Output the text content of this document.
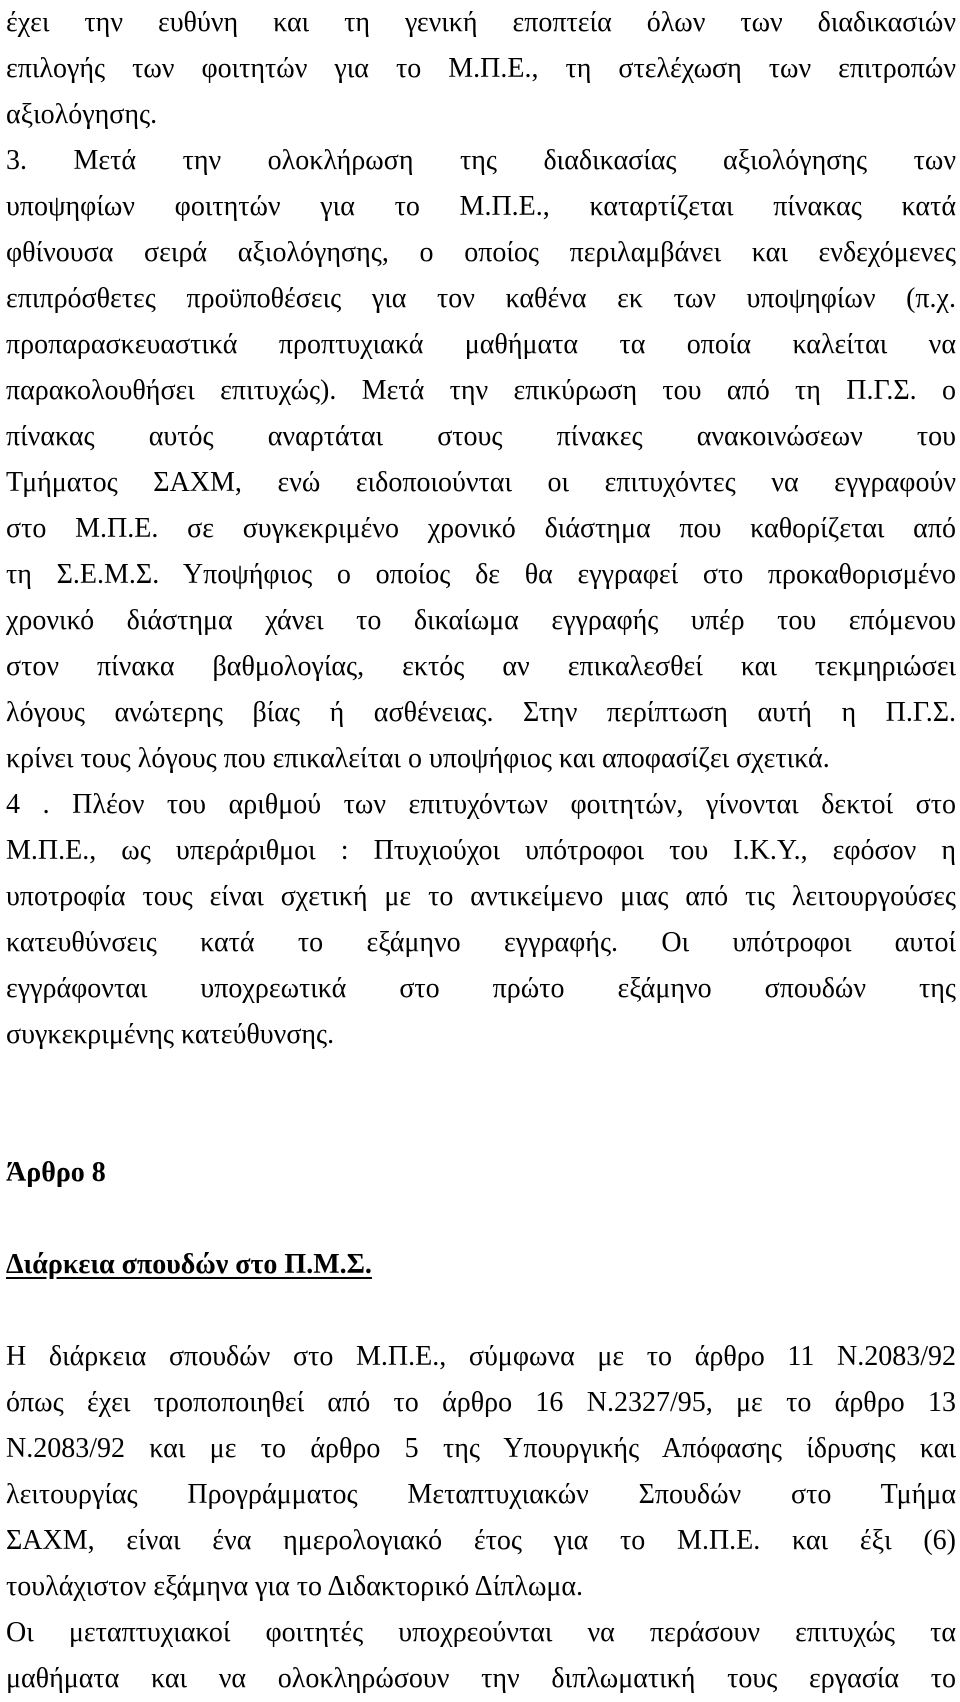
έχει την ευθύνη και τη γενική εποπτεία όλων των διαδικασιών
επιλογής των φοιτητών για το Μ.Π.Ε., τη στελέχωση των επιτροπών
αξιολόγησης.
3. Μετά την ολοκλήρωση της διαδικασίας αξιολόγησης των
υποψηφίων φοιτητών για το Μ.Π.Ε., καταρτίζεται πίνακας κατά
φθίνουσα σειρά αξιολόγησης, ο οποίος περιλαμβάνει και ενδεχόμενες
επιπρόσθετες προϋποθέσεις για τον καθένα εκ των υποψηφίων (π.χ.
προπαρασκευαστικά προπτυχιακά μαθήματα τα οποία καλείται να
παρακολουθήσει επιτυχώς). Μετά την επικύρωση του από τη Π.Γ.Σ. ο
πίνακας αυτός αναρτάται στους πίνακες ανακοινώσεων του
Τμήματος ΣΑΧΜ, ενώ ειδοποιούνται οι επιτυχόντες να εγγραφούν
στο Μ.Π.Ε. σε συγκεκριμένο χρονικό διάστημα που καθορίζεται από
τη Σ.Ε.Μ.Σ. Υποψήφιος ο οποίος δε θα εγγραφεί στο προκαθορισμένο
χρονικό διάστημα χάνει το δικαίωμα εγγραφής υπέρ του επόμενου
στον πίνακα βαθμολογίας, εκτός αν επικαλεσθεί και τεκμηριώσει
λόγους ανώτερης βίας ή ασθένειας. Στην περίπτωση αυτή η Π.Γ.Σ.
κρίνει τους λόγους που επικαλείται ο υποψήφιος και αποφασίζει σχετικά.
4 . Πλέον του αριθμού των επιτυχόντων φοιτητών, γίνονται δεκτοί στο
Μ.Π.Ε., ως υπεράριθμοι : Πτυχιούχοι υπότροφοι του Ι.Κ.Υ., εφόσον η
υποτροφία τους είναι σχετική με το αντικείμενο μιας από τις λειτουργούσες
κατευθύνσεις κατά το εξάμηνο εγγραφής. Οι υπότροφοι αυτοί
εγγράφονται υποχρεωτικά στο πρώτο εξάμηνο σπουδών της
συγκεκριμένης κατεύθυνσης.
Άρθρο 8
Διάρκεια σπουδών στο Π.Μ.Σ.
Η διάρκεια σπουδών στο Μ.Π.Ε., σύμφωνα με το άρθρο 11 Ν.2083/92
όπως έχει τροποποιηθεί από το άρθρο 16 Ν.2327/95, με το άρθρο 13
Ν.2083/92 και με το άρθρο 5 της Υπουργικής Απόφασης ίδρυσης και
λειτουργίας Προγράμματος Μεταπτυχιακών Σπουδών στο Τμήμα
ΣΑΧΜ, είναι ένα ημερολογιακό έτος για το Μ.Π.Ε. και έξι (6)
τουλάχιστον εξάμηνα για το Διδακτορικό Δίπλωμα.
Οι μεταπτυχιακοί φοιτητές υποχρεούνται να περάσουν επιτυχώς τα
μαθήματα και να ολοκληρώσουν την διπλωματική τους εργασία το
